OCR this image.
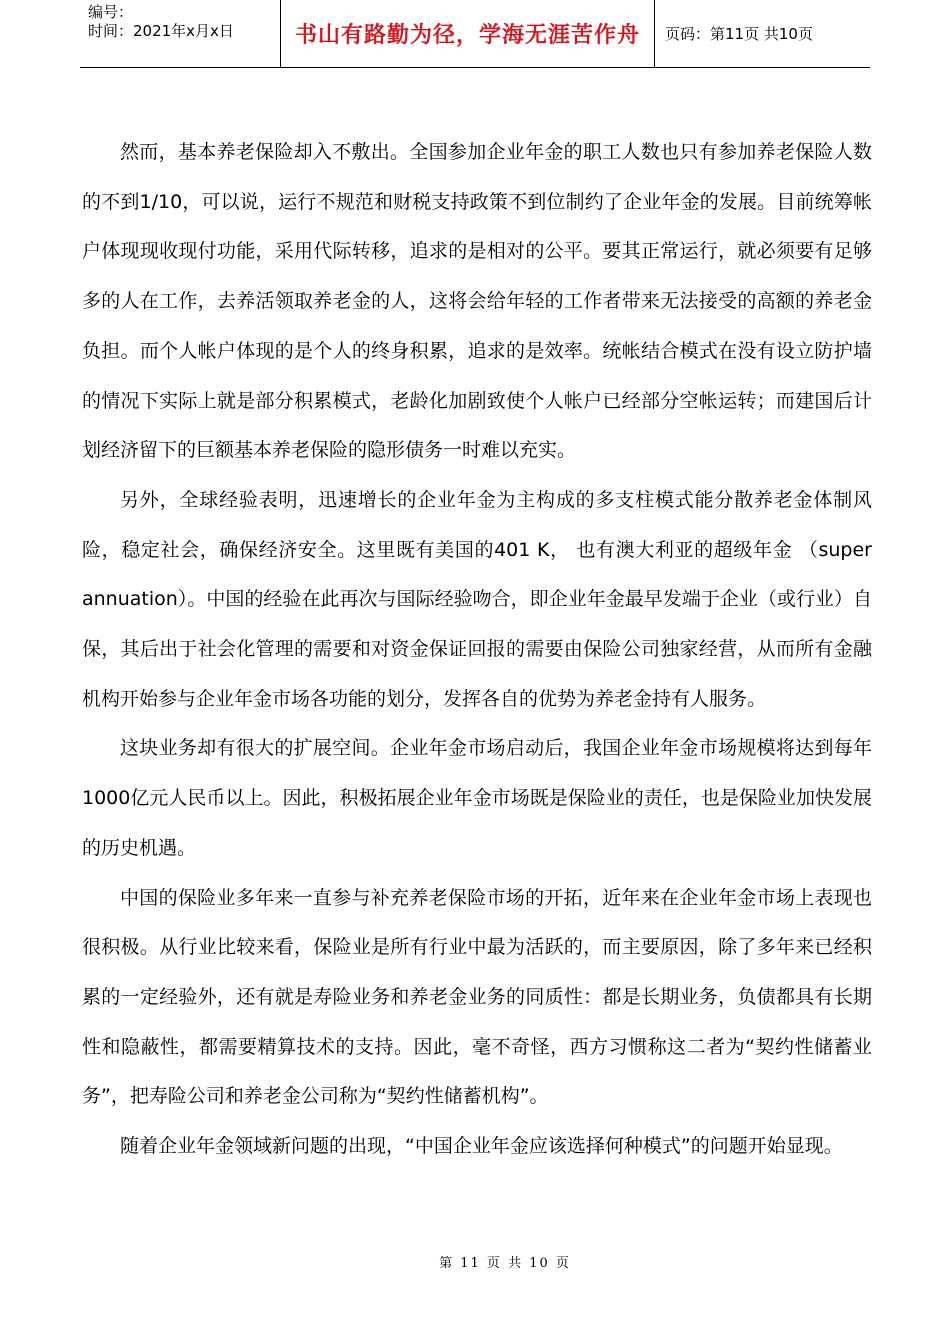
编号：
时间：2021年x月x日	书山有路勤为径，学海无涯苦作舟 页码：第11页 共10页

然而，基本养老保险却入不敷出。全国参加企业年金的职工人数也只有参加养老保险人数的不到1/10，可以说，运行不规范和财税支持政策不到位制约了企业年金的发展。目前统筹帐户体现现收现付功能，采用代际转移，追求的是相对的公平。要其正常运行，就必须要有足够多的人在工作，去养活领取养老金的人，这将会给年轻的工作者带来无法接受的高额的养老金负担。而个人帐户体现的是个人的终身积累，追求的是效率。统帐结合模式在没有设立防护墙的情况下实际上就是部分积累模式，老龄化加剧致使个人帐户已经部分空帐运转；而建国后计划经济留下的巨额基本养老保险的隐形债务一时难以充实。

另外，全球经验表明，迅速增长的企业年金为主构成的多支柱模式能分散养老金体制风险，稳定社会，确保经济安全。这里既有美国的401 K， 也有澳大利亚的超级年金 （super annuation）。中国的经验在此再次与国际经验吻合，即企业年金最早发端于企业（或行业）自保，其后出于社会化管理的需要和对资金保证回报的需要由保险公司独家经营，从而所有金融机构开始参与企业年金市场各功能的划分，发挥各自的优势为养老金持有人服务。

这块业务却有很大的扩展空间。企业年金市场启动后，我国企业年金市场规模将达到每年1000亿元人民币以上。因此，积极拓展企业年金市场既是保险业的责任，也是保险业加快发展的历史机遇。

中国的保险业多年来一直参与补充养老保险市场的开拓，近年来在企业年金市场上表现也很积极。从行业比较来看，保险业是所有行业中最为活跃的，而主要原因，除了多年来已经积累的一定经验外，还有就是寿险业务和养老金业务的同质性：都是长期业务，负债都具有长期性和隐蔽性，都需要精算技术的支持。因此，毫不奇怪，西方习惯称这二者为“契约性储蓄业务”，把寿险公司和养老金公司称为“契约性储蓄机构”。

随着企业年金领域新问题的出现，“中国企业年金应该选择何种模式”的问题开始显现。

第 11 页 共 10 页
